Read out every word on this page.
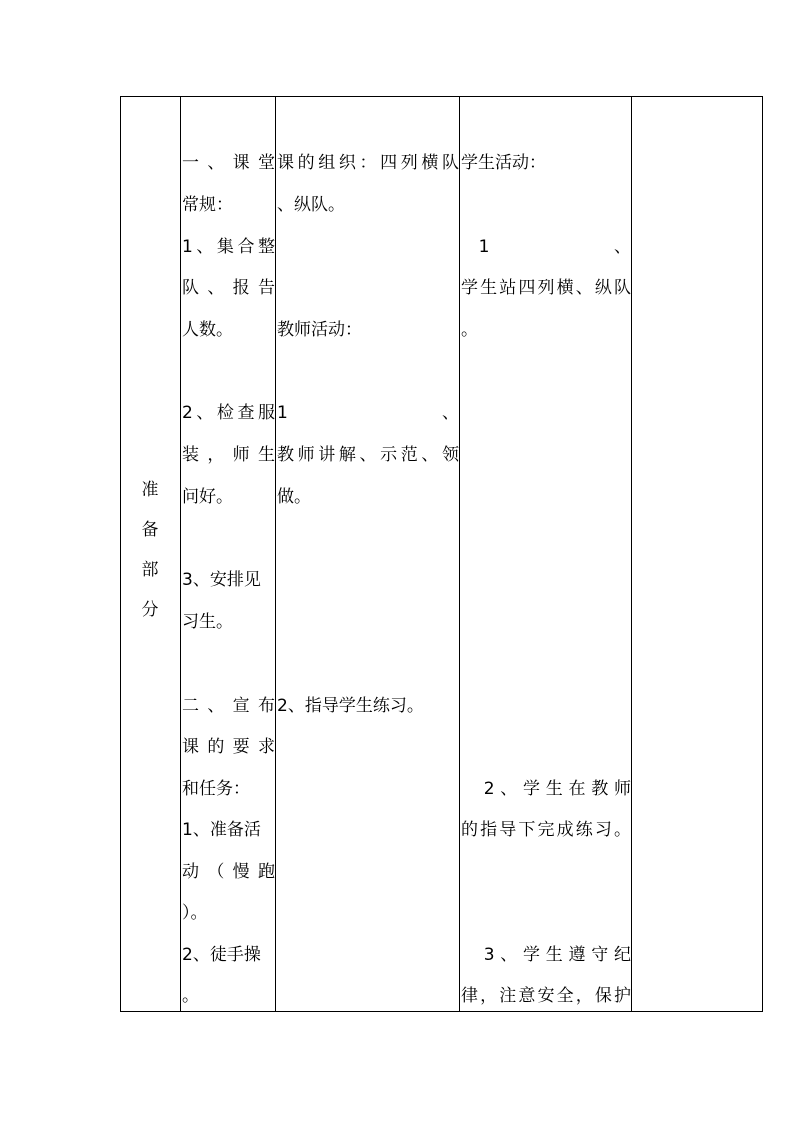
准
备
部
分
一、课堂
常规：
1、集合整
队、报告
人数。
2、检查服
装，师生
问好。
3、安排见
习生。
二、宣布
课的要求
和任务：
1、准备活
动（慢跑
）。
2、徒手操
。
课的组织：四列横队
、纵队。
教师活动：
1　　　　　　　　、
教师讲解、示范、领
做。
2、指导学生练习。
学生活动：
　1　　　　　　　、
学生站四列横、纵队
。
　2、学生在教师
的指导下完成练习。
　3、学生遵守纪
律，注意安全，保护
